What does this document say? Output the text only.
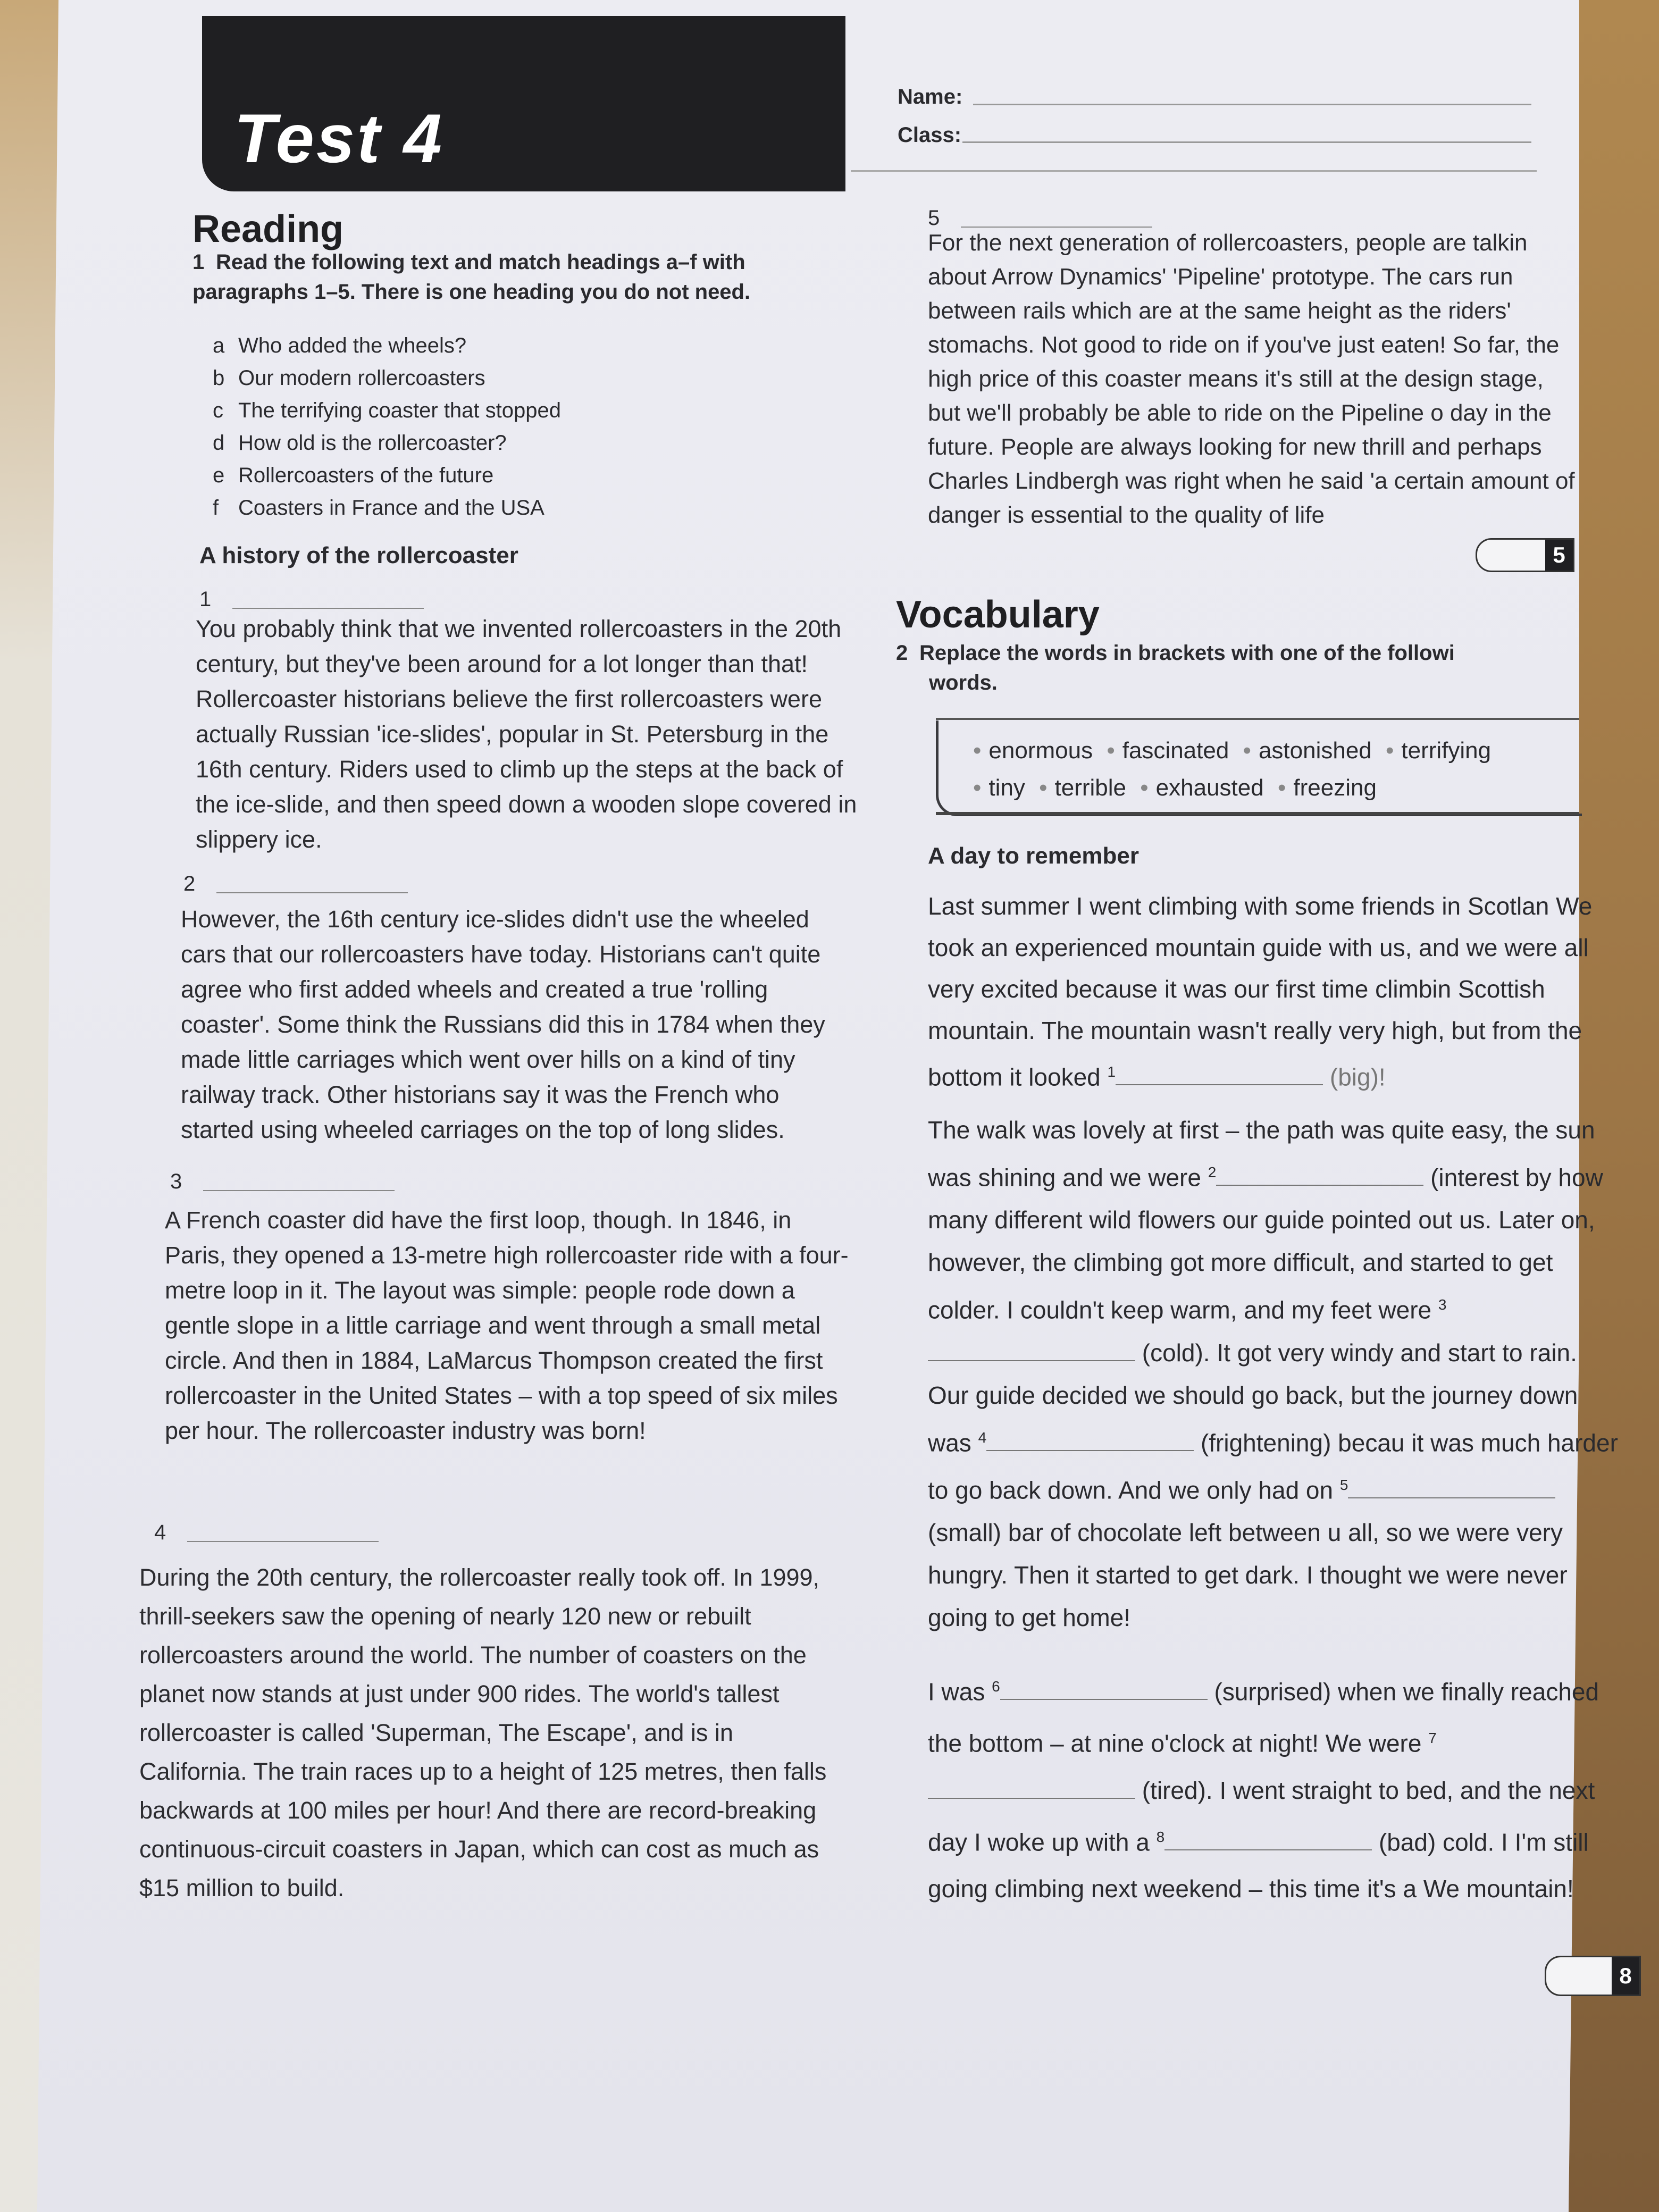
Test 4
Name:
Class:
Reading

1 Read the following text and match headings a–f with paragraphs 1–5. There is one heading you do not need.

a Who added the wheels?
b Our modern rollercoasters
c The terrifying coaster that stopped
d How old is the rollercoaster?
e Rollercoasters of the future
f Coasters in France and the USA
A history of the rollercoaster
1

You probably think that we invented rollercoasters in the 20th century, but they've been around for a lot longer than that! Rollercoaster historians believe the first rollercoasters were actually Russian 'ice-slides', popular in St. Petersburg in the 16th century. Riders used to climb up the steps at the back of the ice-slide, and then speed down a wooden slope covered in slippery ice.

2

However, the 16th century ice-slides didn't use the wheeled cars that our rollercoasters have today. Historians can't quite agree who first added wheels and created a true 'rolling coaster'. Some think the Russians did this in 1784 when they made little carriages which went over hills on a kind of tiny railway track. Other historians say it was the French who started using wheeled carriages on the top of long slides.

3

A French coaster did have the first loop, though. In 1846, in Paris, they opened a 13-metre high rollercoaster ride with a four-metre loop in it. The layout was simple: people rode down a gentle slope in a little carriage and went through a small metal circle. And then in 1884, LaMarcus Thompson created the first rollercoaster in the United States – with a top speed of six miles per hour. The rollercoaster industry was born!

4

During the 20th century, the rollercoaster really took off. In 1999, thrill-seekers saw the opening of nearly 120 new or rebuilt rollercoasters around the world. The number of coasters on the planet now stands at just under 900 rides. The world's tallest rollercoaster is called 'Superman, The Escape', and is in California. The train races up to a height of 125 metres, then falls backwards at 100 miles per hour! And there are record-breaking continuous-circuit coasters in Japan, which can cost as much as $15 million to build.

5

For the next generation of rollercoasters, people are talkin about Arrow Dynamics' 'Pipeline' prototype. The cars run between rails which are at the same height as the riders' stomachs. Not good to ride on if you've just eaten! So far, the high price of this coaster means it's still at the design stage, but we'll probably be able to ride on the Pipeline o day in the future. People are always looking for new thrill and perhaps Charles Lindbergh was right when he said 'a certain amount of danger is essential to the quality of life

5
Vocabulary

2 Replace the words in brackets with one of the followi
words.

• enormous • fascinated • astonished • terrifying
• tiny • terrible • exhausted • freezing
A day to remember

Last summer I went climbing with some friends in Scotlan We took an experienced mountain guide with us, and we were all very excited because it was our first time climbin Scottish mountain. The mountain wasn't really very high, but from the bottom it looked $^1$	(big)!

The walk was lovely at first – the path was quite easy, the sun was shining and we were $^2$	(interest by how many different wild flowers our guide pointed out us. Later on, however, the climbing got more difficult, and started to get colder. I couldn't keep warm, and my feet were $^3$ (cold). It got very windy and start to rain. Our guide decided we should go back, but the journey down was $^4$	(frightening) becau it was much harder to go back down. And we only had on $^5$ (small) bar of chocolate left between u all, so we were very hungry. Then it started to get dark. I thought we were never going to get home!

I was $^6$	(surprised) when we finally reached the bottom – at nine o'clock at night! We were $^7$ (tired). I went straight to bed, and the next day I woke up with a $^8$	(bad) cold. I I'm still going climbing next weekend – this time it's a We mountain!

8
